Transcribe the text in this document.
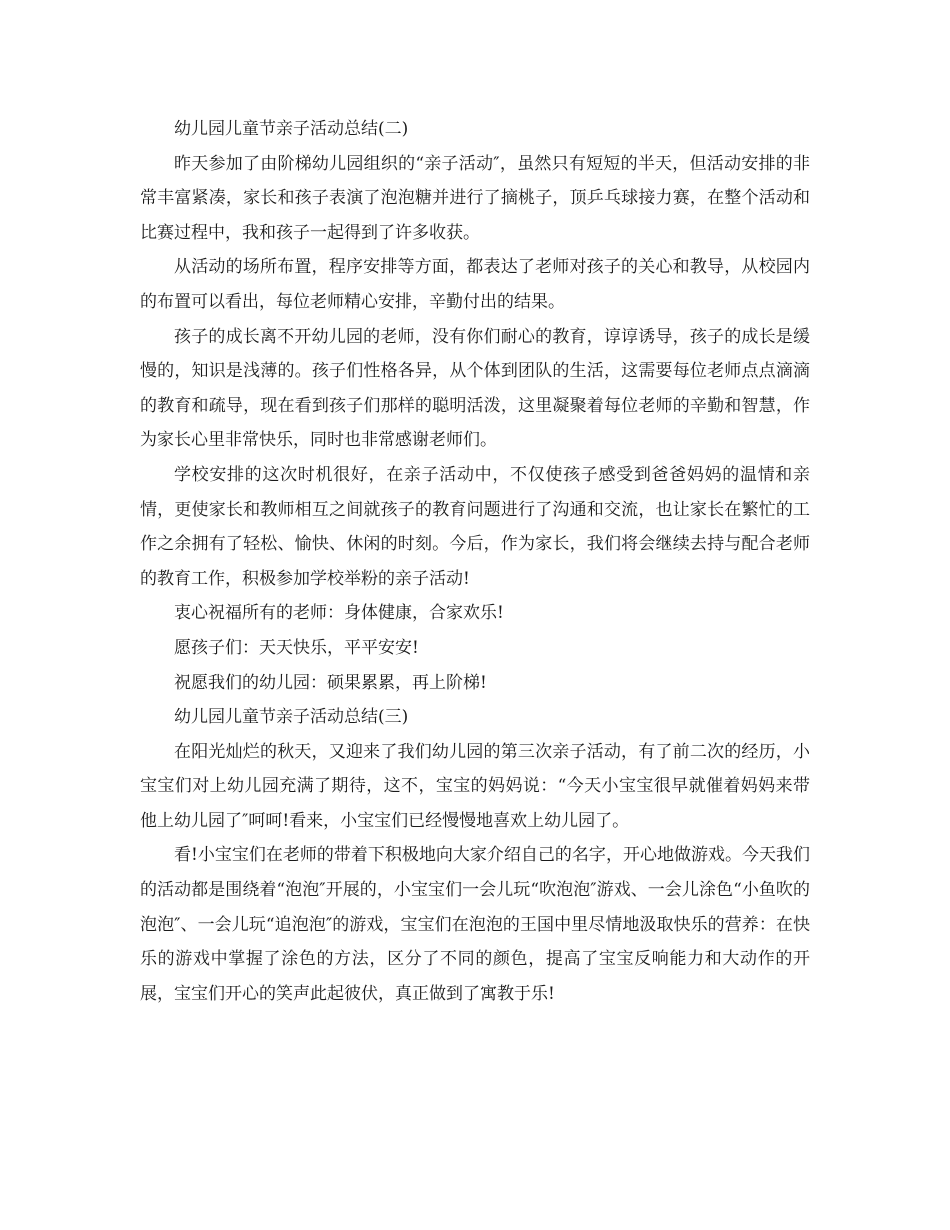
幼儿园儿童节亲子活动总结(二)

昨天参加了由阶梯幼儿园组织的“亲子活动″，虽然只有短短的半天，但活动安排的非常丰富紧凑，家长和孩子表演了泡泡糖并进行了摘桃子，顶乒乓球接力赛，在整个活动和比赛过程中，我和孩子一起得到了许多收获。

从活动的场所布置，程序安排等方面，都表达了老师对孩子的关心和教导，从校园内的布置可以看出，每位老师精心安排，辛勤付出的结果。

孩子的成长离不开幼儿园的老师，没有你们耐心的教育，谆谆诱导，孩子的成长是缓慢的，知识是浅薄的。孩子们性格各异，从个体到团队的生活，这需要每位老师点点滴滴的教育和疏导，现在看到孩子们那样的聪明活泼，这里凝聚着每位老师的辛勤和智慧，作为家长心里非常快乐，同时也非常感谢老师们。

学校安排的这次时机很好，在亲子活动中，不仅使孩子感受到爸爸妈妈的温情和亲情，更使家长和教师相互之间就孩子的教育问题进行了沟通和交流，也让家长在繁忙的工作之余拥有了轻松、愉快、休闲的时刻。今后，作为家长，我们将会继续去持与配合老师的教育工作，积极参加学校举粉的亲子活动!

衷心祝福所有的老师：身体健康，合家欢乐!

愿孩子们：天天快乐，平平安安!

祝愿我们的幼儿园：硕果累累，再上阶梯!

幼儿园儿童节亲子活动总结(三)

在阳光灿烂的秋天，又迎来了我们幼儿园的第三次亲子活动，有了前二次的经历，小宝宝们对上幼儿园充满了期待，这不，宝宝的妈妈说：“今天小宝宝很早就催着妈妈来带他上幼儿园了″呵呵!看来，小宝宝们已经慢慢地喜欢上幼儿园了。

看!小宝宝们在老师的带着下积极地向大家介绍自己的名字，开心地做游戏。今天我们的活动都是围绕着“泡泡″开展的，小宝宝们一会儿玩“吹泡泡″游戏、一会儿涂色“小鱼吹的泡泡″、一会儿玩“追泡泡″的游戏，宝宝们在泡泡的王国中里尽情地汲取快乐的营养：在快乐的游戏中掌握了涂色的方法，区分了不同的颜色，提高了宝宝反响能力和大动作的开展，宝宝们开心的笑声此起彼伏，真正做到了寓教于乐!
